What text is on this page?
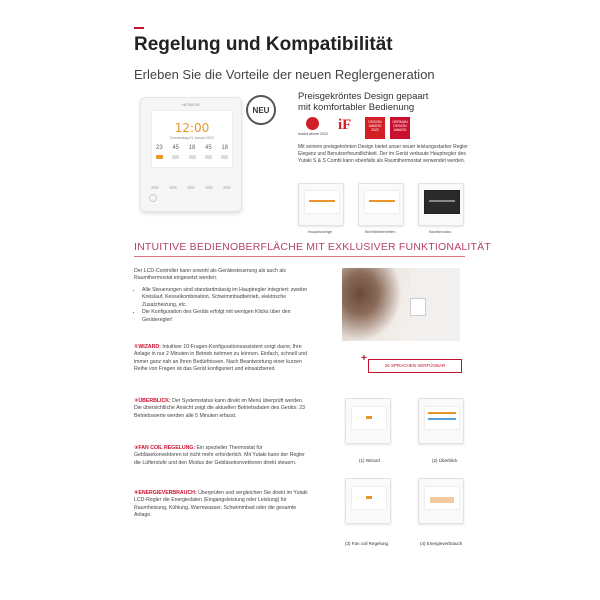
Regelung und Kompatibilität
Erleben Sie die Vorteile der neuen Reglergeneration
HITACHI
12:00
Donnerstag 01 Januar 2022
23 45 18 45 18
NEU
Preisgekröntes Design gepaart
mit komfortabler Bedienung
reddot winner 2022
iF	DESIGN AWARD 2022
GERMAN DESIGN AWARD
Mit seinem preisgekrönten Design bietet unser neuer leistungsstarker Regler Eleganz und Benutzerfreundlichkeit. Der im Gerät verbaute Hauptregler des Yutaki S & S Combi kann ebenfalls als Raumthermostat verwendet werden.
Hauptanzeige	Wohlfühlbehelfen	Nachtmodus
INTUITIVE BEDIENOBERFLÄCHE MIT EXKLUSIVER FUNKTIONALITÄT
Der LCD-Controller kann sowohl als Gerätesteuerung als auch als Raumthermostat eingesetzt werden.
• Alle Steuerungen sind standardmässig im Hauptregler integriert: zweiter Kreislauf, Kesselkombination, Schwimmbadbetrieb, elektrische Zusatzheizung, etc.
• Die Konfiguration des Geräts erfolgt mit wenigen Klicks über den Geräteregler!
①WIZARD: Intuitiver 10-Fragen-Konfigurationsassistent sorgt davor, Ihre Anlage in nur 2 Minuten in Betrieb nehmen zu können. Einfach, schnell und immer ganz nah an Ihren Bedürfnissen. Nach Beantwortung einer kurzen Reihe von Fragen ist das Gerät konfiguriert und einsatzbereit.
②ÜBERBLICK: Der Systemstatus kann direkt im Menü überprüft werden. Die übersichtliche Ansicht zeigt die aktuellen Betriebsdaten des Geräts: 23 Betriebswerte werden alle 5 Minuten erfasst.
③FAN COIL REGELUNG: Ein spezieller Thermostat für Gebläsekonvektoren ist nicht mehr erforderlich. Mit Yutaki kann der Regler die Lüfterstufe und den Modus der Gebläsekonvektoren direkt steuern.
④ENERGIEVERBRAUCH: Überprüfen und vergleichen Sie direkt im Yutaki LCD-Regler die Energiedaten (Eingangsleistung oder Leistung) für Raumheizung, Kühlung, Warmwasser, Schwimmbad oder die gesamte Anlage.
+
26 SPRACHEN VERFÜGBAR
(1) Wizard	(2) Überblick
(3) Fan coil Regelung	(4) Energieverbrauch
